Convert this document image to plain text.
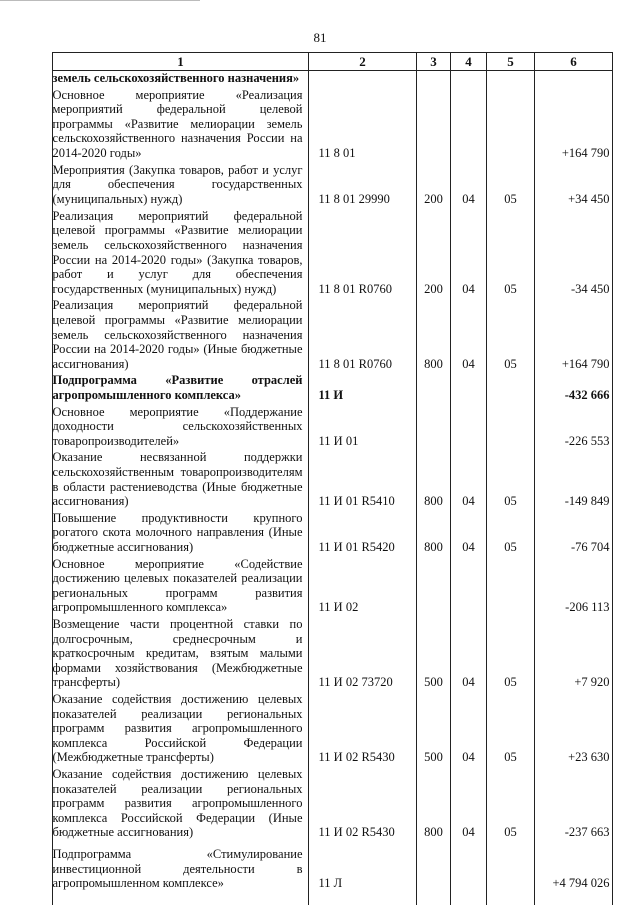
81
1	2	3	4	5	6
земель сельскохозяйственного назначения»					
Основное мероприятие «Реализация мероприятий федеральной целевой программы «Развитие мелиорации земель сельскохозяйственного назначения России на 2014-2020 годы»	11 8 01				+164 790
Мероприятия (Закупка товаров, работ и услуг для обеспечения государственных (муниципальных) нужд)	11 8 01 29990	200	04	05	+34 450
Реализация мероприятий федеральной целевой программы «Развитие мелиорации земель сельскохозяйственного назначения России на 2014-2020 годы» (Закупка товаров, работ и услуг для обеспечения государственных (муниципальных) нужд)	11 8 01 R0760	200	04	05	-34 450
Реализация мероприятий федеральной целевой программы «Развитие мелиорации земель сельскохозяйственного назначения России на 2014-2020 годы» (Иные бюджетные ассигнования)	11 8 01 R0760	800	04	05	+164 790
Подпрограмма «Развитие отраслей агропромышленного комплекса»	11 И				-432 666
Основное мероприятие «Поддержание доходности сельскохозяйственных товаропроизводителей»	11 И 01				-226 553
Оказание несвязанной поддержки сельскохозяйственным товаропроизводителям в области растениеводства (Иные бюджетные ассигнования)	11 И 01 R5410	800	04	05	-149 849
Повышение продуктивности крупного рогатого скота молочного направления (Иные бюджетные ассигнования)	11 И 01 R5420	800	04	05	-76 704
Основное мероприятие «Содействие достижению целевых показателей реализации региональных программ развития агропромышленного комплекса»	11 И 02				-206 113
Возмещение части процентной ставки по долгосрочным, среднесрочным и краткосрочным кредитам, взятым малыми формами хозяйствования (Межбюджетные трансферты)	11 И 02 73720	500	04	05	+7 920
Оказание содействия достижению целевых показателей реализации региональных программ развития агропромышленного комплекса Российской Федерации (Межбюджетные трансферты)	11 И 02 R5430	500	04	05	+23 630
Оказание содействия достижению целевых показателей реализации региональных программ развития агропромышленного комплекса Российской Федерации (Иные бюджетные ассигнования)	11 И 02 R5430	800	04	05	-237 663
Подпрограмма «Стимулирование инвестиционной деятельности в агропромышленном комплексе»	11 Л				+4 794 026
